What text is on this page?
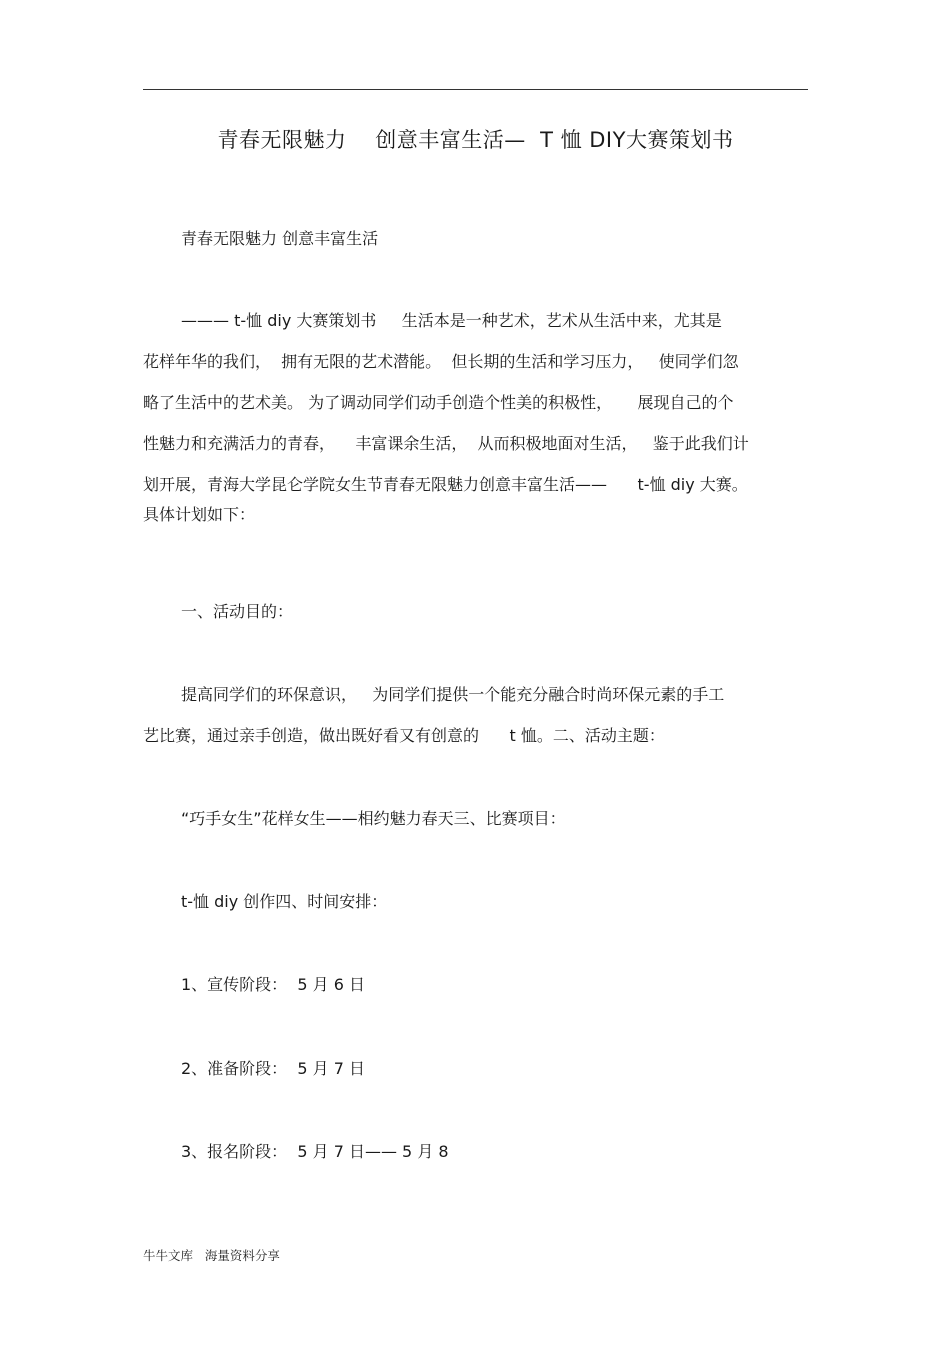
青春无限魅力    创意丰富生活—  T 恤 DIY大赛策划书
青春无限魅力 创意丰富生活
——— t-恤 diy 大赛策划书     生活本是一种艺术，艺术从生活中来，尤其是
花样年华的我们，  拥有无限的艺术潜能。  但长期的生活和学习压力，   使同学们忽
略了生活中的艺术美。 为了调动同学们动手创造个性美的积极性，     展现自己的个
性魅力和充满活力的青春，    丰富课余生活，  从而积极地面对生活，   鉴于此我们计
划开展，青海大学昆仑学院女生节青春无限魅力创意丰富生活——      t-恤 diy 大赛。
具体计划如下：
一、活动目的：
提高同学们的环保意识，   为同学们提供一个能充分融合时尚环保元素的手工
艺比赛，通过亲手创造，做出既好看又有创意的      t 恤。二、活动主题：
“巧手女生”花样女生——相约魅力春天三、比赛项目：
t-恤 diy 创作四、时间安排：
1、宣传阶段：  5 月 6 日
2、准备阶段：  5 月 7 日
3、报名阶段：  5 月 7 日—— 5 月 8
牛牛文库   海量资料分享
